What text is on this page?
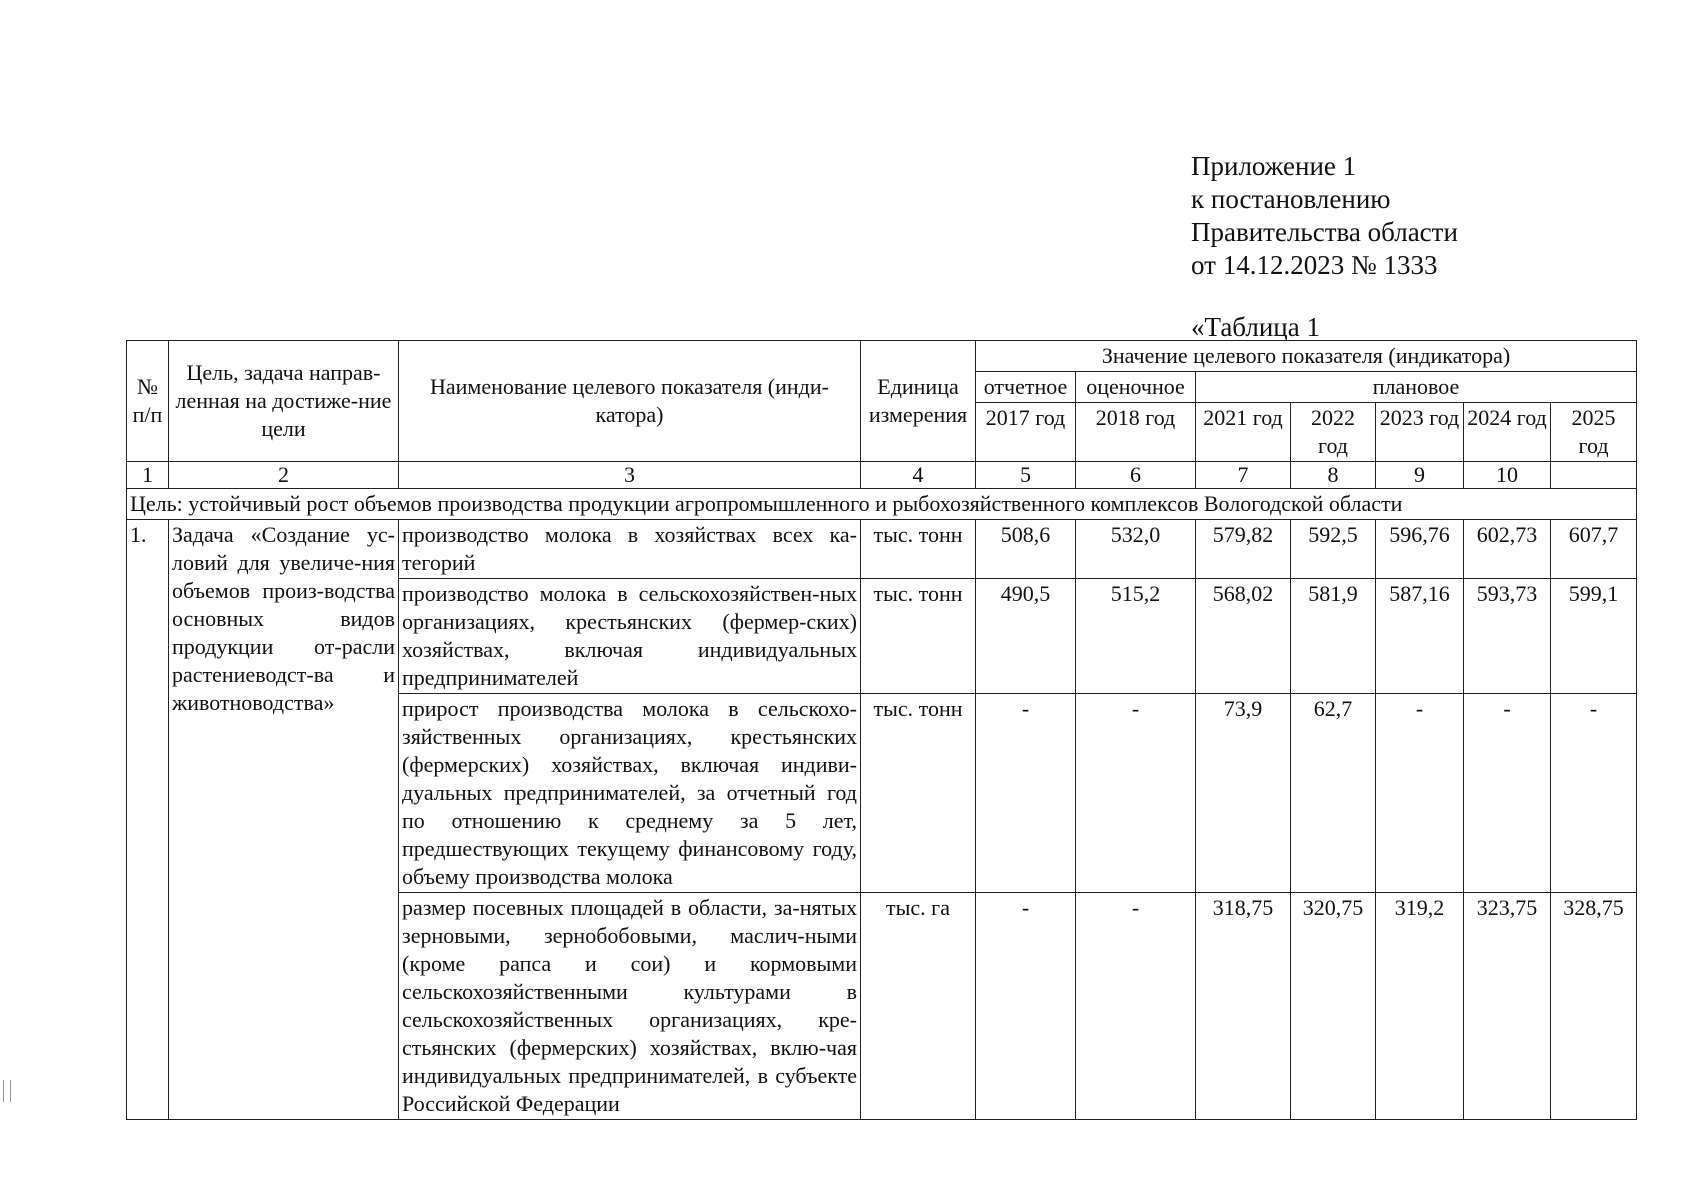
Приложение 1
к постановлению
Правительства области
от 14.12.2023 № 1333
«Таблица 1
№ п/п	Цель, задача направ-ленная на достиже-ние цели	Наименование целевого показателя (инди-катора)	Единица измерения	Значение целевого показателя (индикатора)						
				отчетное	оценочное	плановое				
				2017 год	2018 год	2021 год	2022 год	2023 год	2024 год	2025 год
1	2	3	4	5	6	7	8	9	10	
Цель: устойчивый рост объемов производства продукции агропромышленного и рыбохозяйственного комплексов Вологодской области										
1.	Задача «Создание ус-ловий для увеличе-ния объемов произ-водства основных видов продукции от-расли растениеводст-ва и животноводства»	производство молока в хозяйствах всех ка-тегорий	тыс. тонн	508,6	532,0	579,82	592,5	596,76	602,73	607,7
		производство молока в сельскохозяйствен-ных организациях, крестьянских (фермер-ских) хозяйствах, включая индивидуальных предпринимателей	тыс. тонн	490,5	515,2	568,02	581,9	587,16	593,73	599,1
		прирост производства молока в сельскохо-зяйственных организациях, крестьянских (фермерских) хозяйствах, включая индиви-дуальных предпринимателей, за отчетный год по отношению к среднему за 5 лет, предшествующих текущему финансовому году, объему производства молока	тыс. тонн	-	-	73,9	62,7	-	-	-
		размер посевных площадей в области, за-нятых зерновыми, зернобобовыми, маслич-ными (кроме рапса и сои) и кормовыми сельскохозяйственными культурами в сельскохозяйственных организациях, кре-стьянских (фермерских) хозяйствах, вклю-чая индивидуальных предпринимателей, в субъекте Российской Федерации	тыс. га	-	-	318,75	320,75	319,2	323,75	328,75
